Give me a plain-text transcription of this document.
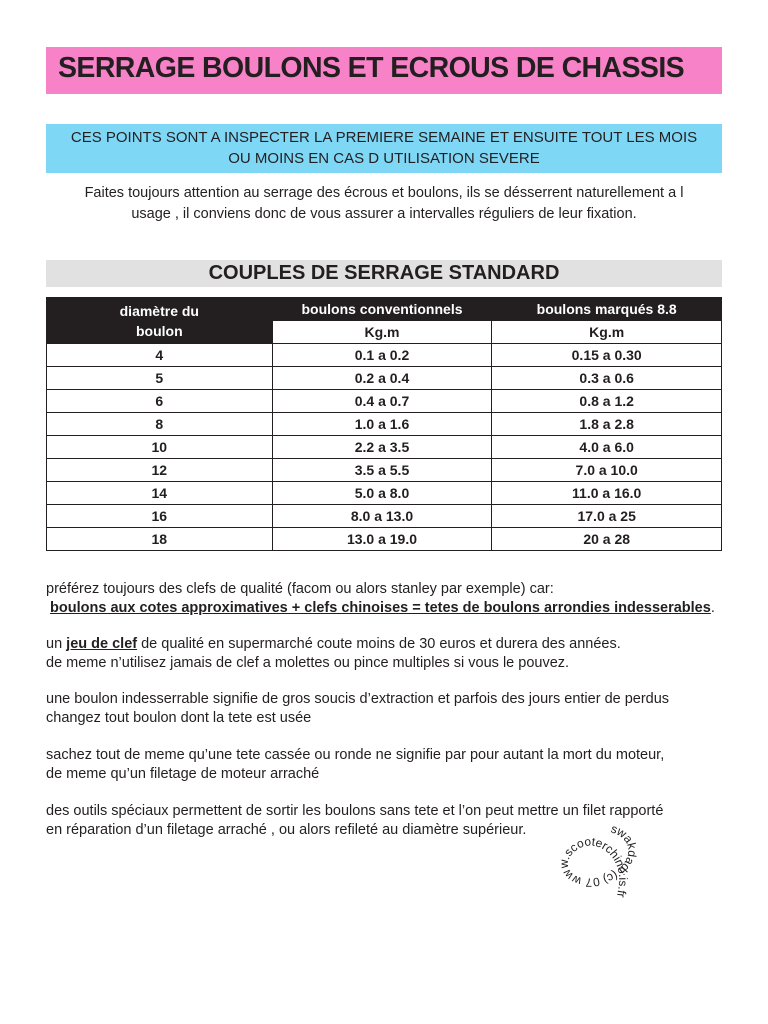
SERRAGE BOULONS ET ECROUS DE CHASSIS
CES POINTS SONT A INSPECTER LA PREMIERE SEMAINE ET ENSUITE TOUT LES MOIS
OU MOINS EN CAS D UTILISATION SEVERE
Faites toujours attention au serrage des écrous et boulons, ils se désserrent naturellement a l
usage , il conviens donc de vous assurer a intervalles réguliers de leur fixation.
COUPLES DE SERRAGE STANDARD
diamètre du
boulon	boulons conventionnels	boulons marqués 8.8
	Kg.m	Kg.m
4	0.1 a 0.2	0.15 a 0.30
5	0.2 a 0.4	0.3 a 0.6
6	0.4 a 0.7	0.8 a 1.2
8	1.0 a 1.6	1.8 a 2.8
10	2.2 a 3.5	4.0 a 6.0
12	3.5 a 5.5	7.0 a 10.0
14	5.0 a 8.0	11.0 a 16.0
16	8.0 a 13.0	17.0 a 25
18	13.0 a 19.0	20 a 28

préférez toujours des clefs de qualité (facom ou alors stanley par exemple) car:

boulons aux cotes approximatives + clefs chinoises = tetes de boulons arrondies indesserables.

un jeu de clef de qualité en supermarché coute moins de 30 euros et durera des années.

de meme n’utilisez jamais de clef a molettes ou pince multiples si vous le pouvez.

une boulon indesserrable signifie de gros soucis d’extraction et parfois des jours entier de perdus

changez tout boulon dont la tete est usée

sachez tout de meme qu’une tete cassée ou ronde ne signifie par pour autant la mort du moteur,

de meme qu’un filetage de moteur arraché

des outils spéciaux permettent de sortir les boulons sans tete et l’on peut mettre un filet rapporté

en réparation d’un filetage arraché , ou alors refileté au diamètre supérieur.	swakdadi (c) 07 www.scooterchino.is.fr
